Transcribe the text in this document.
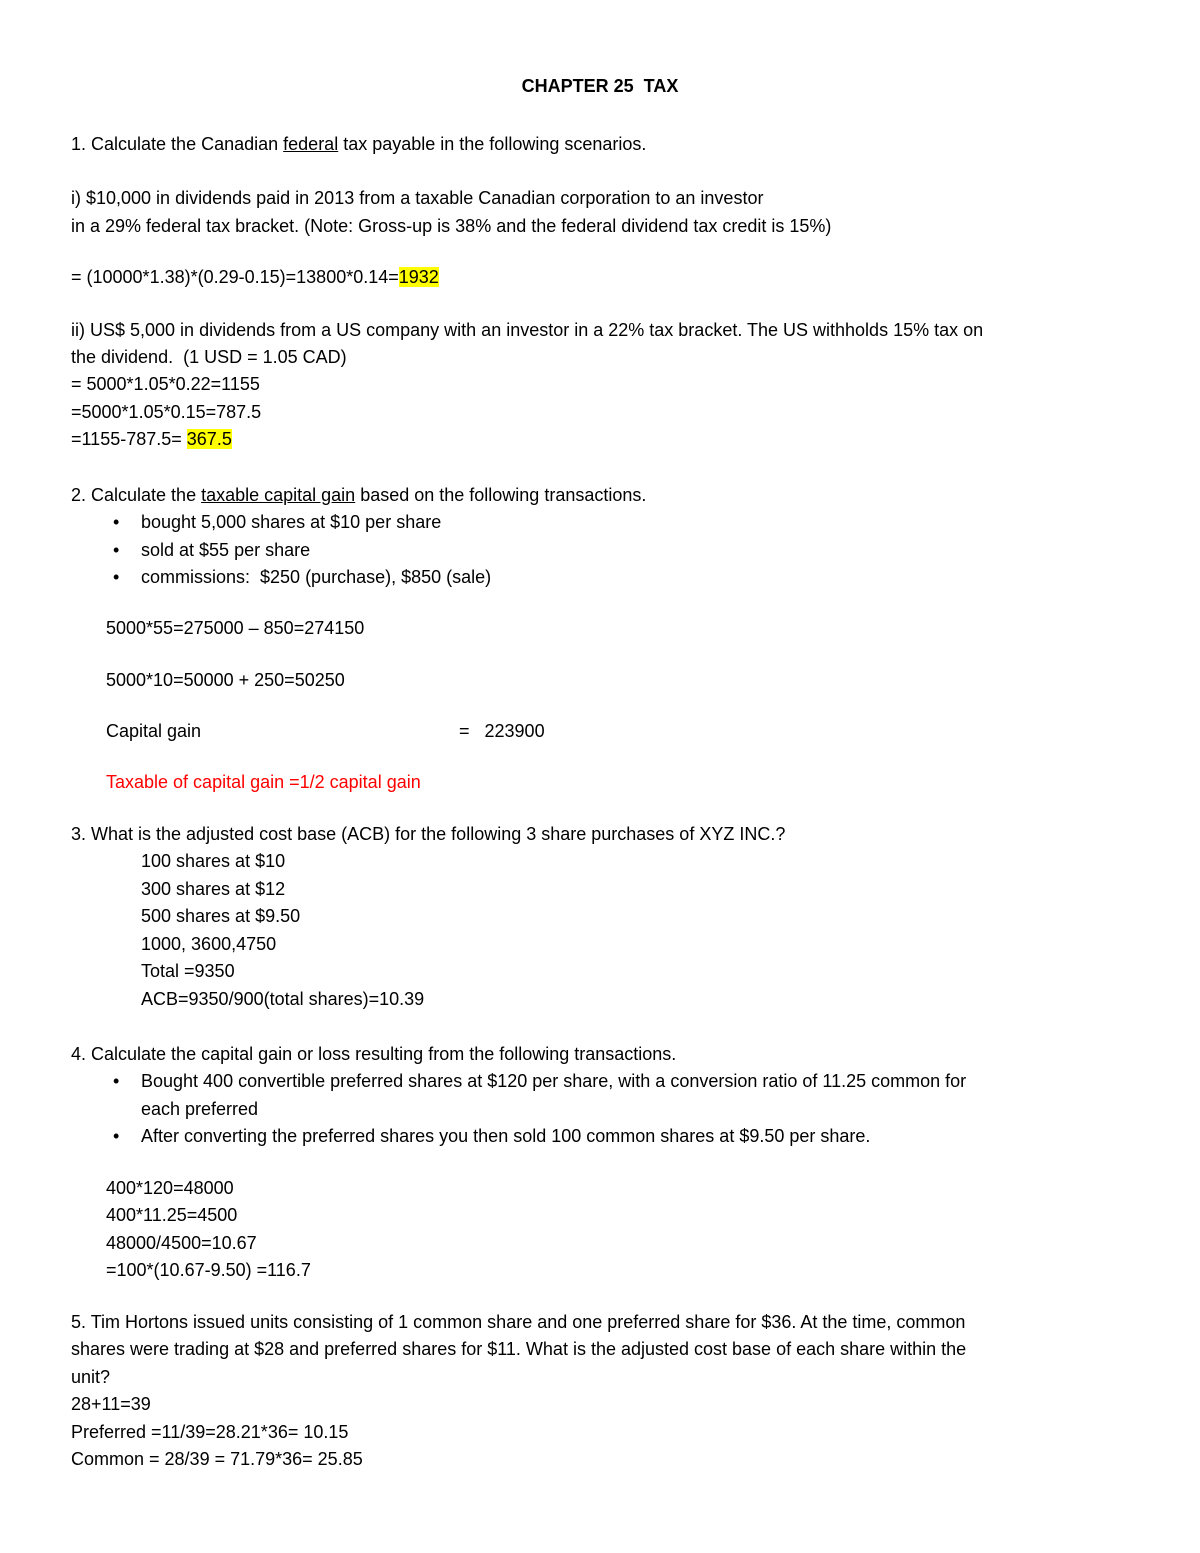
CHAPTER 25  TAX
1. Calculate the Canadian federal tax payable in the following scenarios.
i) $10,000 in dividends paid in 2013 from a taxable Canadian corporation to an investor
in a 29% federal tax bracket. (Note: Gross-up is 38% and the federal dividend tax credit is 15%)
= (10000*1.38)*(0.29-0.15)=13800*0.14=1932
ii) US$ 5,000 in dividends from a US company with an investor in a 22% tax bracket. The US withholds 15% tax on
the dividend.  (1 USD = 1.05 CAD)
= 5000*1.05*0.22=1155
=5000*1.05*0.15=787.5
=1155-787.5= 367.5
2. Calculate the taxable capital gain based on the following transactions.
• bought 5,000 shares at $10 per share
• sold at $55 per share
• commissions:  $250 (purchase), $850 (sale)
5000*55=275000 – 850=274150
5000*10=50000 + 250=50250
Capital gain	=   223900
Taxable of capital gain =1/2 capital gain
3. What is the adjusted cost base (ACB) for the following 3 share purchases of XYZ INC.?
100 shares at $10
300 shares at $12
500 shares at $9.50
1000, 3600,4750
Total =9350
ACB=9350/900(total shares)=10.39
4. Calculate the capital gain or loss resulting from the following transactions.
• Bought 400 convertible preferred shares at $120 per share, with a conversion ratio of 11.25 common for
each preferred
• After converting the preferred shares you then sold 100 common shares at $9.50 per share.
400*120=48000
400*11.25=4500
48000/4500=10.67
=100*(10.67-9.50) =116.7
5. Tim Hortons issued units consisting of 1 common share and one preferred share for $36. At the time, common
shares were trading at $28 and preferred shares for $11. What is the adjusted cost base of each share within the
unit?
28+11=39
Preferred =11/39=28.21*36= 10.15
Common = 28/39 = 71.79*36= 25.85
